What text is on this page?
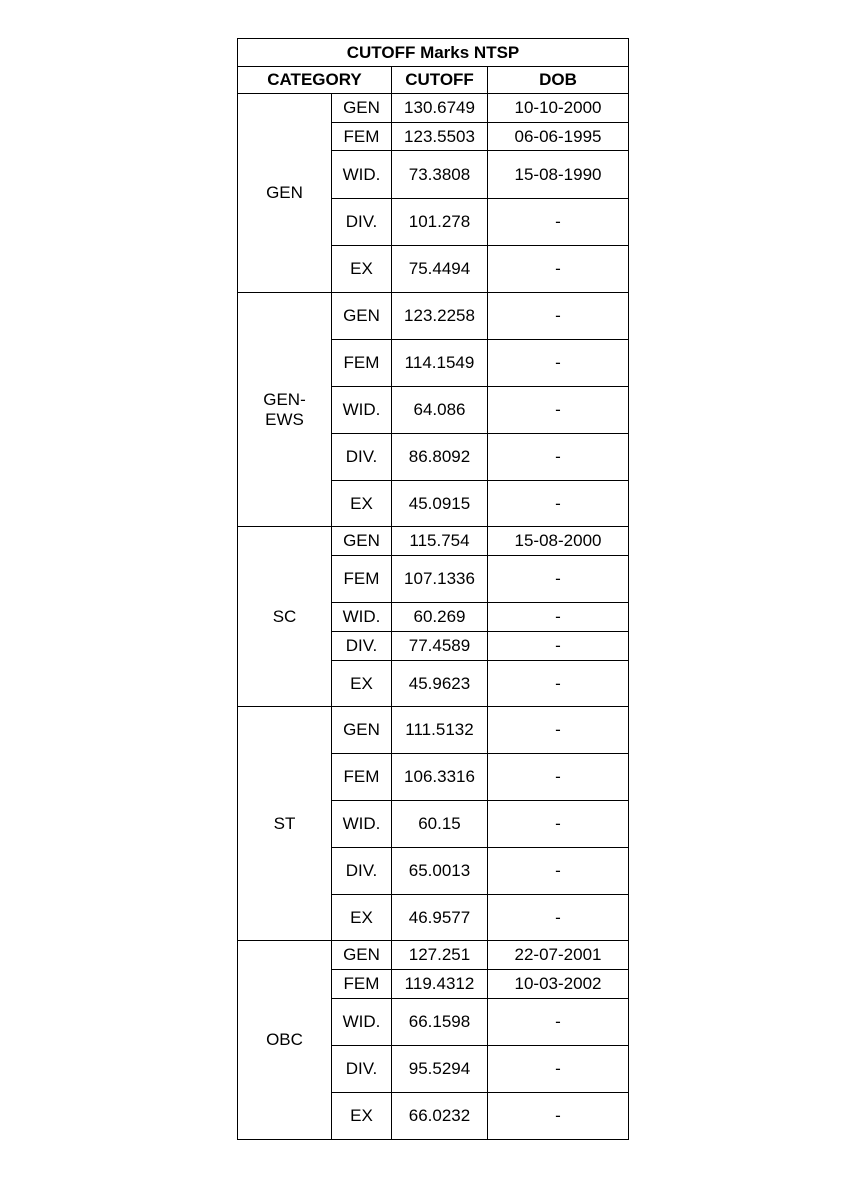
CUTOFF Marks NTSP			
CATEGORY		CUTOFF	DOB
GEN	GEN	130.6749	10-10-2000
	FEM	123.5503	06-06-1995
	WID.	73.3808	15-08-1990
	DIV.	101.278	-
	EX	75.4494	-
GEN-
EWS	GEN	123.2258	-
	FEM	114.1549	-
	WID.	64.086	-
	DIV.	86.8092	-
	EX	45.0915	-
SC	GEN	115.754	15-08-2000
	FEM	107.1336	-
	WID.	60.269	-
	DIV.	77.4589	-
	EX	45.9623	-
ST	GEN	111.5132	-
	FEM	106.3316	-
	WID.	60.15	-
	DIV.	65.0013	-
	EX	46.9577	-
OBC	GEN	127.251	22-07-2001
	FEM	119.4312	10-03-2002
	WID.	66.1598	-
	DIV.	95.5294	-
	EX	66.0232	-
